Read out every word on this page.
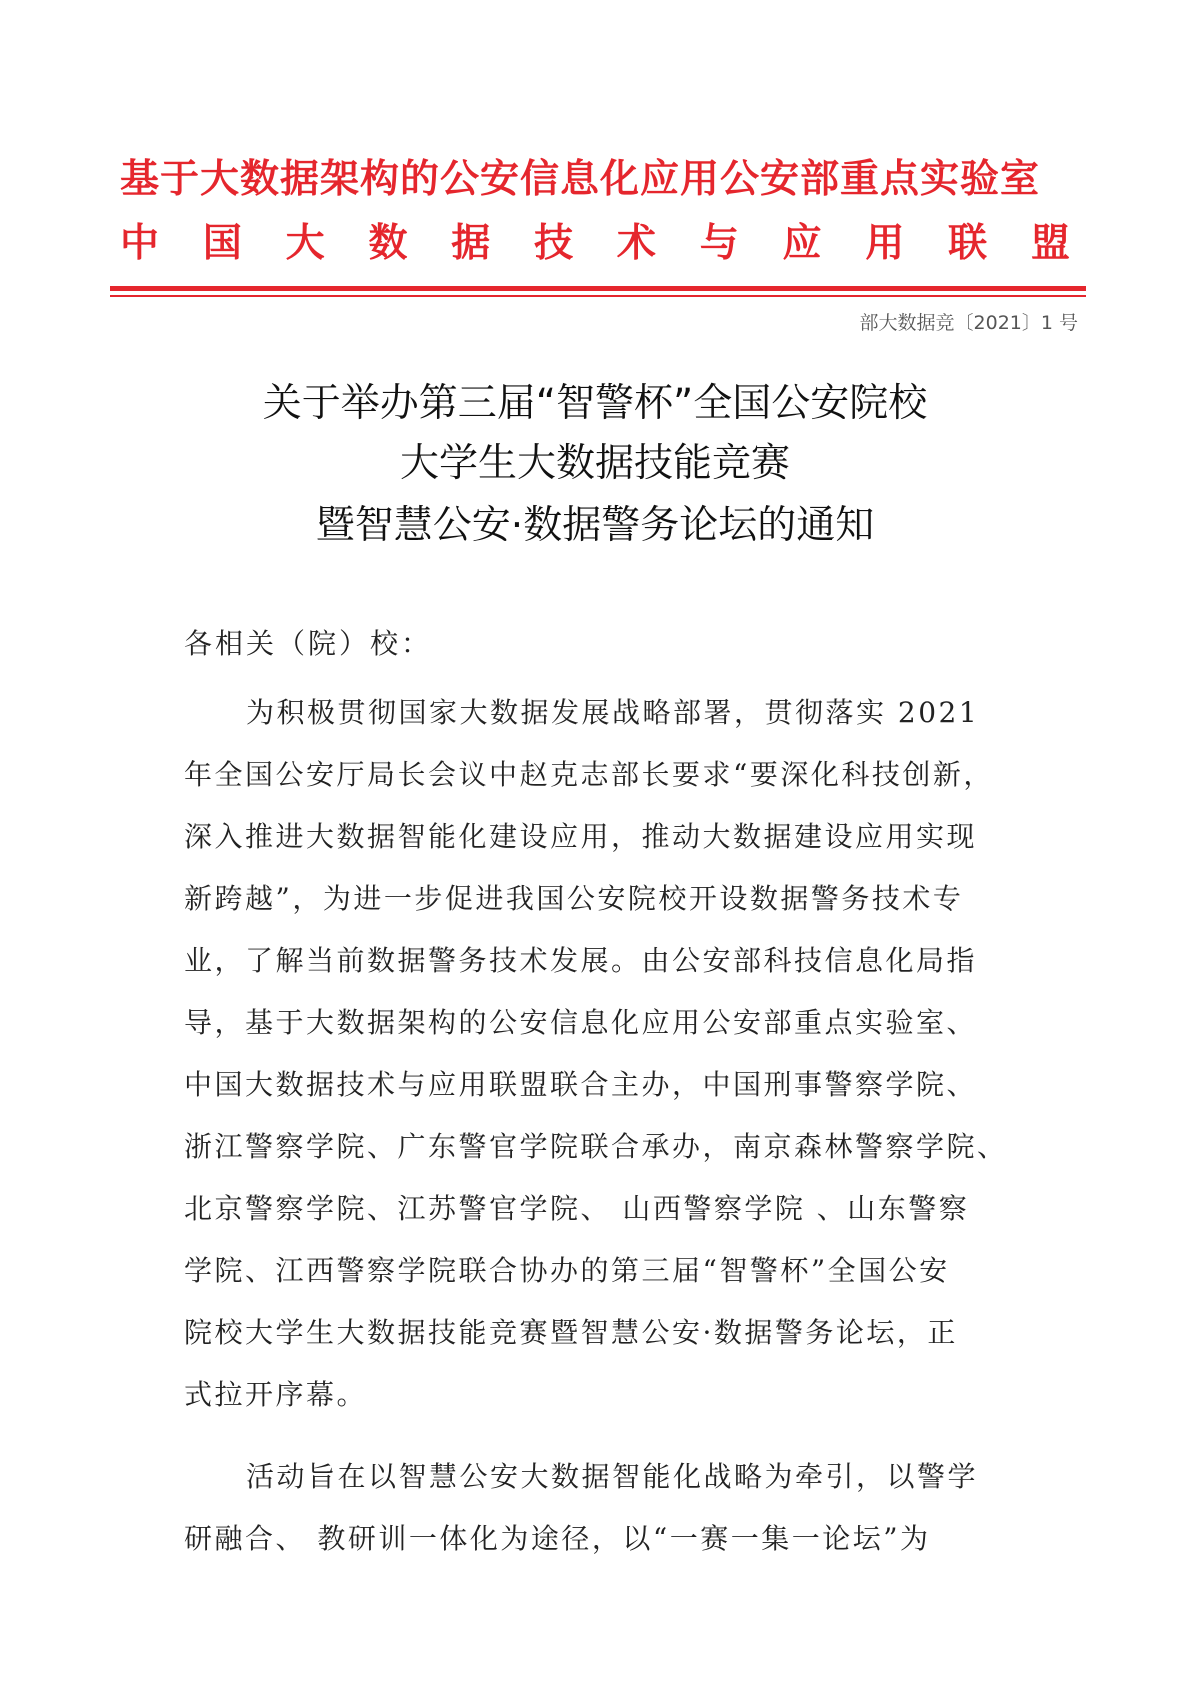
基于大数据架构的公安信息化应用公安部重点实验室
中 国 大 数 据 技 术 与 应 用 联 盟
部大数据竞〔2021〕1 号
关于举办第三届“智警杯”全国公安院校
大学生大数据技能竞赛
暨智慧公安·数据警务论坛的通知
各相关（院）校：
为积极贯彻国家大数据发展战略部署，贯彻落实 2021
年全国公安厅局长会议中赵克志部长要求“要深化科技创新，
深入推进大数据智能化建设应用，推动大数据建设应用实现
新跨越”，为进一步促进我国公安院校开设数据警务技术专
业，了解当前数据警务技术发展。由公安部科技信息化局指
导，基于大数据架构的公安信息化应用公安部重点实验室、
中国大数据技术与应用联盟联合主办，中国刑事警察学院、
浙江警察学院、广东警官学院联合承办，南京森林警察学院、
北京警察学院、江苏警官学院、 山西警察学院 、山东警察
学院、江西警察学院联合协办的第三届“智警杯”全国公安
院校大学生大数据技能竞赛暨智慧公安·数据警务论坛，正
式拉开序幕。
活动旨在以智慧公安大数据智能化战略为牵引，以警学
研融合、 教研训一体化为途径，以“一赛一集一论坛”为
